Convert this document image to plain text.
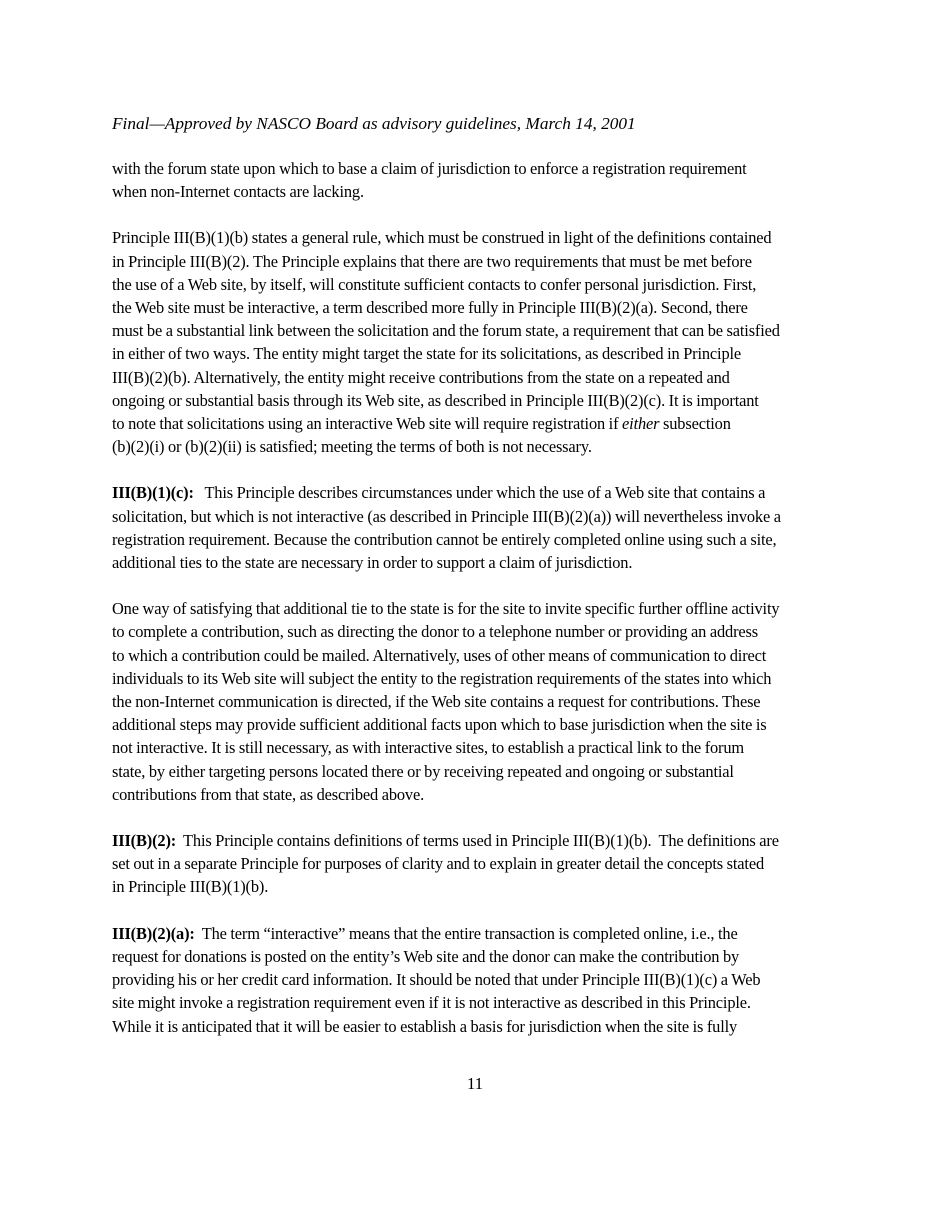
Final—Approved by NASCO Board as advisory guidelines, March 14, 2001

with the forum state upon which to base a claim of jurisdiction to enforce a registration requirement
when non-Internet contacts are lacking.

Principle III(B)(1)(b) states a general rule, which must be construed in light of the definitions contained
in Principle III(B)(2). The Principle explains that there are two requirements that must be met before
the use of a Web site, by itself, will constitute sufficient contacts to confer personal jurisdiction. First,
the Web site must be interactive, a term described more fully in Principle III(B)(2)(a). Second, there
must be a substantial link between the solicitation and the forum state, a requirement that can be satisfied
in either of two ways. The entity might target the state for its solicitations, as described in Principle
III(B)(2)(b). Alternatively, the entity might receive contributions from the state on a repeated and
ongoing or substantial basis through its Web site, as described in Principle III(B)(2)(c). It is important
to note that solicitations using an interactive Web site will require registration if either subsection
(b)(2)(i) or (b)(2)(ii) is satisfied; meeting the terms of both is not necessary.

III(B)(1)(c):   This Principle describes circumstances under which the use of a Web site that contains a
solicitation, but which is not interactive (as described in Principle III(B)(2)(a)) will nevertheless invoke a
registration requirement. Because the contribution cannot be entirely completed online using such a site,
additional ties to the state are necessary in order to support a claim of jurisdiction.

One way of satisfying that additional tie to the state is for the site to invite specific further offline activity
to complete a contribution, such as directing the donor to a telephone number or providing an address
to which a contribution could be mailed. Alternatively, uses of other means of communication to direct
individuals to its Web site will subject the entity to the registration requirements of the states into which
the non-Internet communication is directed, if the Web site contains a request for contributions. These
additional steps may provide sufficient additional facts upon which to base jurisdiction when the site is
not interactive. It is still necessary, as with interactive sites, to establish a practical link to the forum
state, by either targeting persons located there or by receiving repeated and ongoing or substantial
contributions from that state, as described above.

III(B)(2):  This Principle contains definitions of terms used in Principle III(B)(1)(b).  The definitions are
set out in a separate Principle for purposes of clarity and to explain in greater detail the concepts stated
in Principle III(B)(1)(b).

III(B)(2)(a):  The term “interactive” means that the entire transaction is completed online, i.e., the
request for donations is posted on the entity’s Web site and the donor can make the contribution by
providing his or her credit card information. It should be noted that under Principle III(B)(1)(c) a Web
site might invoke a registration requirement even if it is not interactive as described in this Principle.
While it is anticipated that it will be easier to establish a basis for jurisdiction when the site is fully

11
